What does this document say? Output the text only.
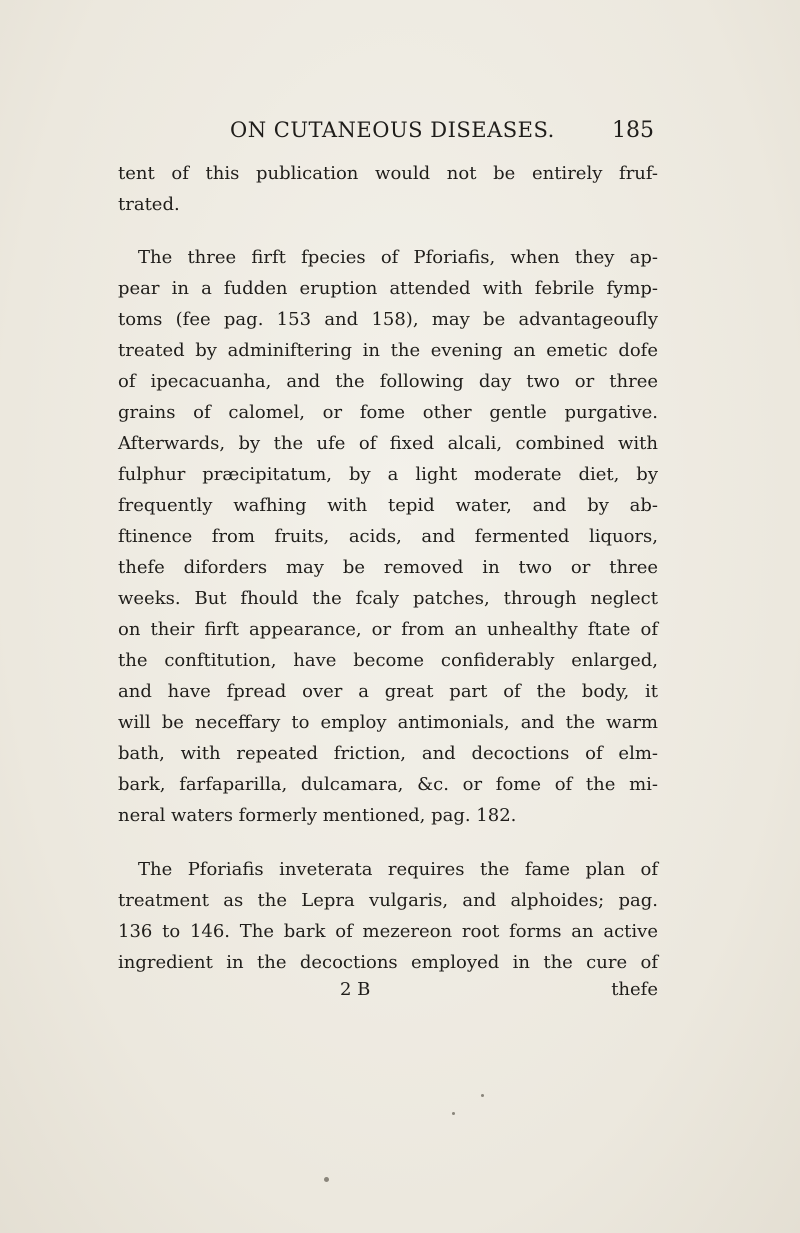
ON CUTANEOUS DISEASES.	185
tent of this publication would not be entirely fruf-
trated.
The three firft fpecies of Pforiafis, when they ap-
pear in a fudden eruption attended with febrile fymp-
toms (fee pag. 153 and 158), may be advantageoufly
treated by adminiftering in the evening an emetic dofe
of ipecacuanha, and the following day two or three
grains of calomel, or fome other gentle purgative.
Afterwards, by the ufe of fixed alcali, combined with
fulphur præcipitatum, by a light moderate diet, by
frequently wafhing with tepid water, and by ab-
ftinence from fruits, acids, and fermented liquors,
thefe diforders may be removed in two or three
weeks. But fhould the fcaly patches, through neglect
on their firft appearance, or from an unhealthy ftate of
the conftitution, have become confiderably enlarged,
and have fpread over a great part of the body, it
will be neceffary to employ antimonials, and the warm
bath, with repeated friction, and decoctions of elm-
bark, farfaparilla, dulcamara, &c. or fome of the mi-
neral waters formerly mentioned, pag. 182.
The Pforiafis inveterata requires the fame plan of
treatment as the Lepra vulgaris, and alphoides; pag.
136 to 146. The bark of mezereon root forms an active
ingredient in the decoctions employed in the cure of
2 B	thefe
